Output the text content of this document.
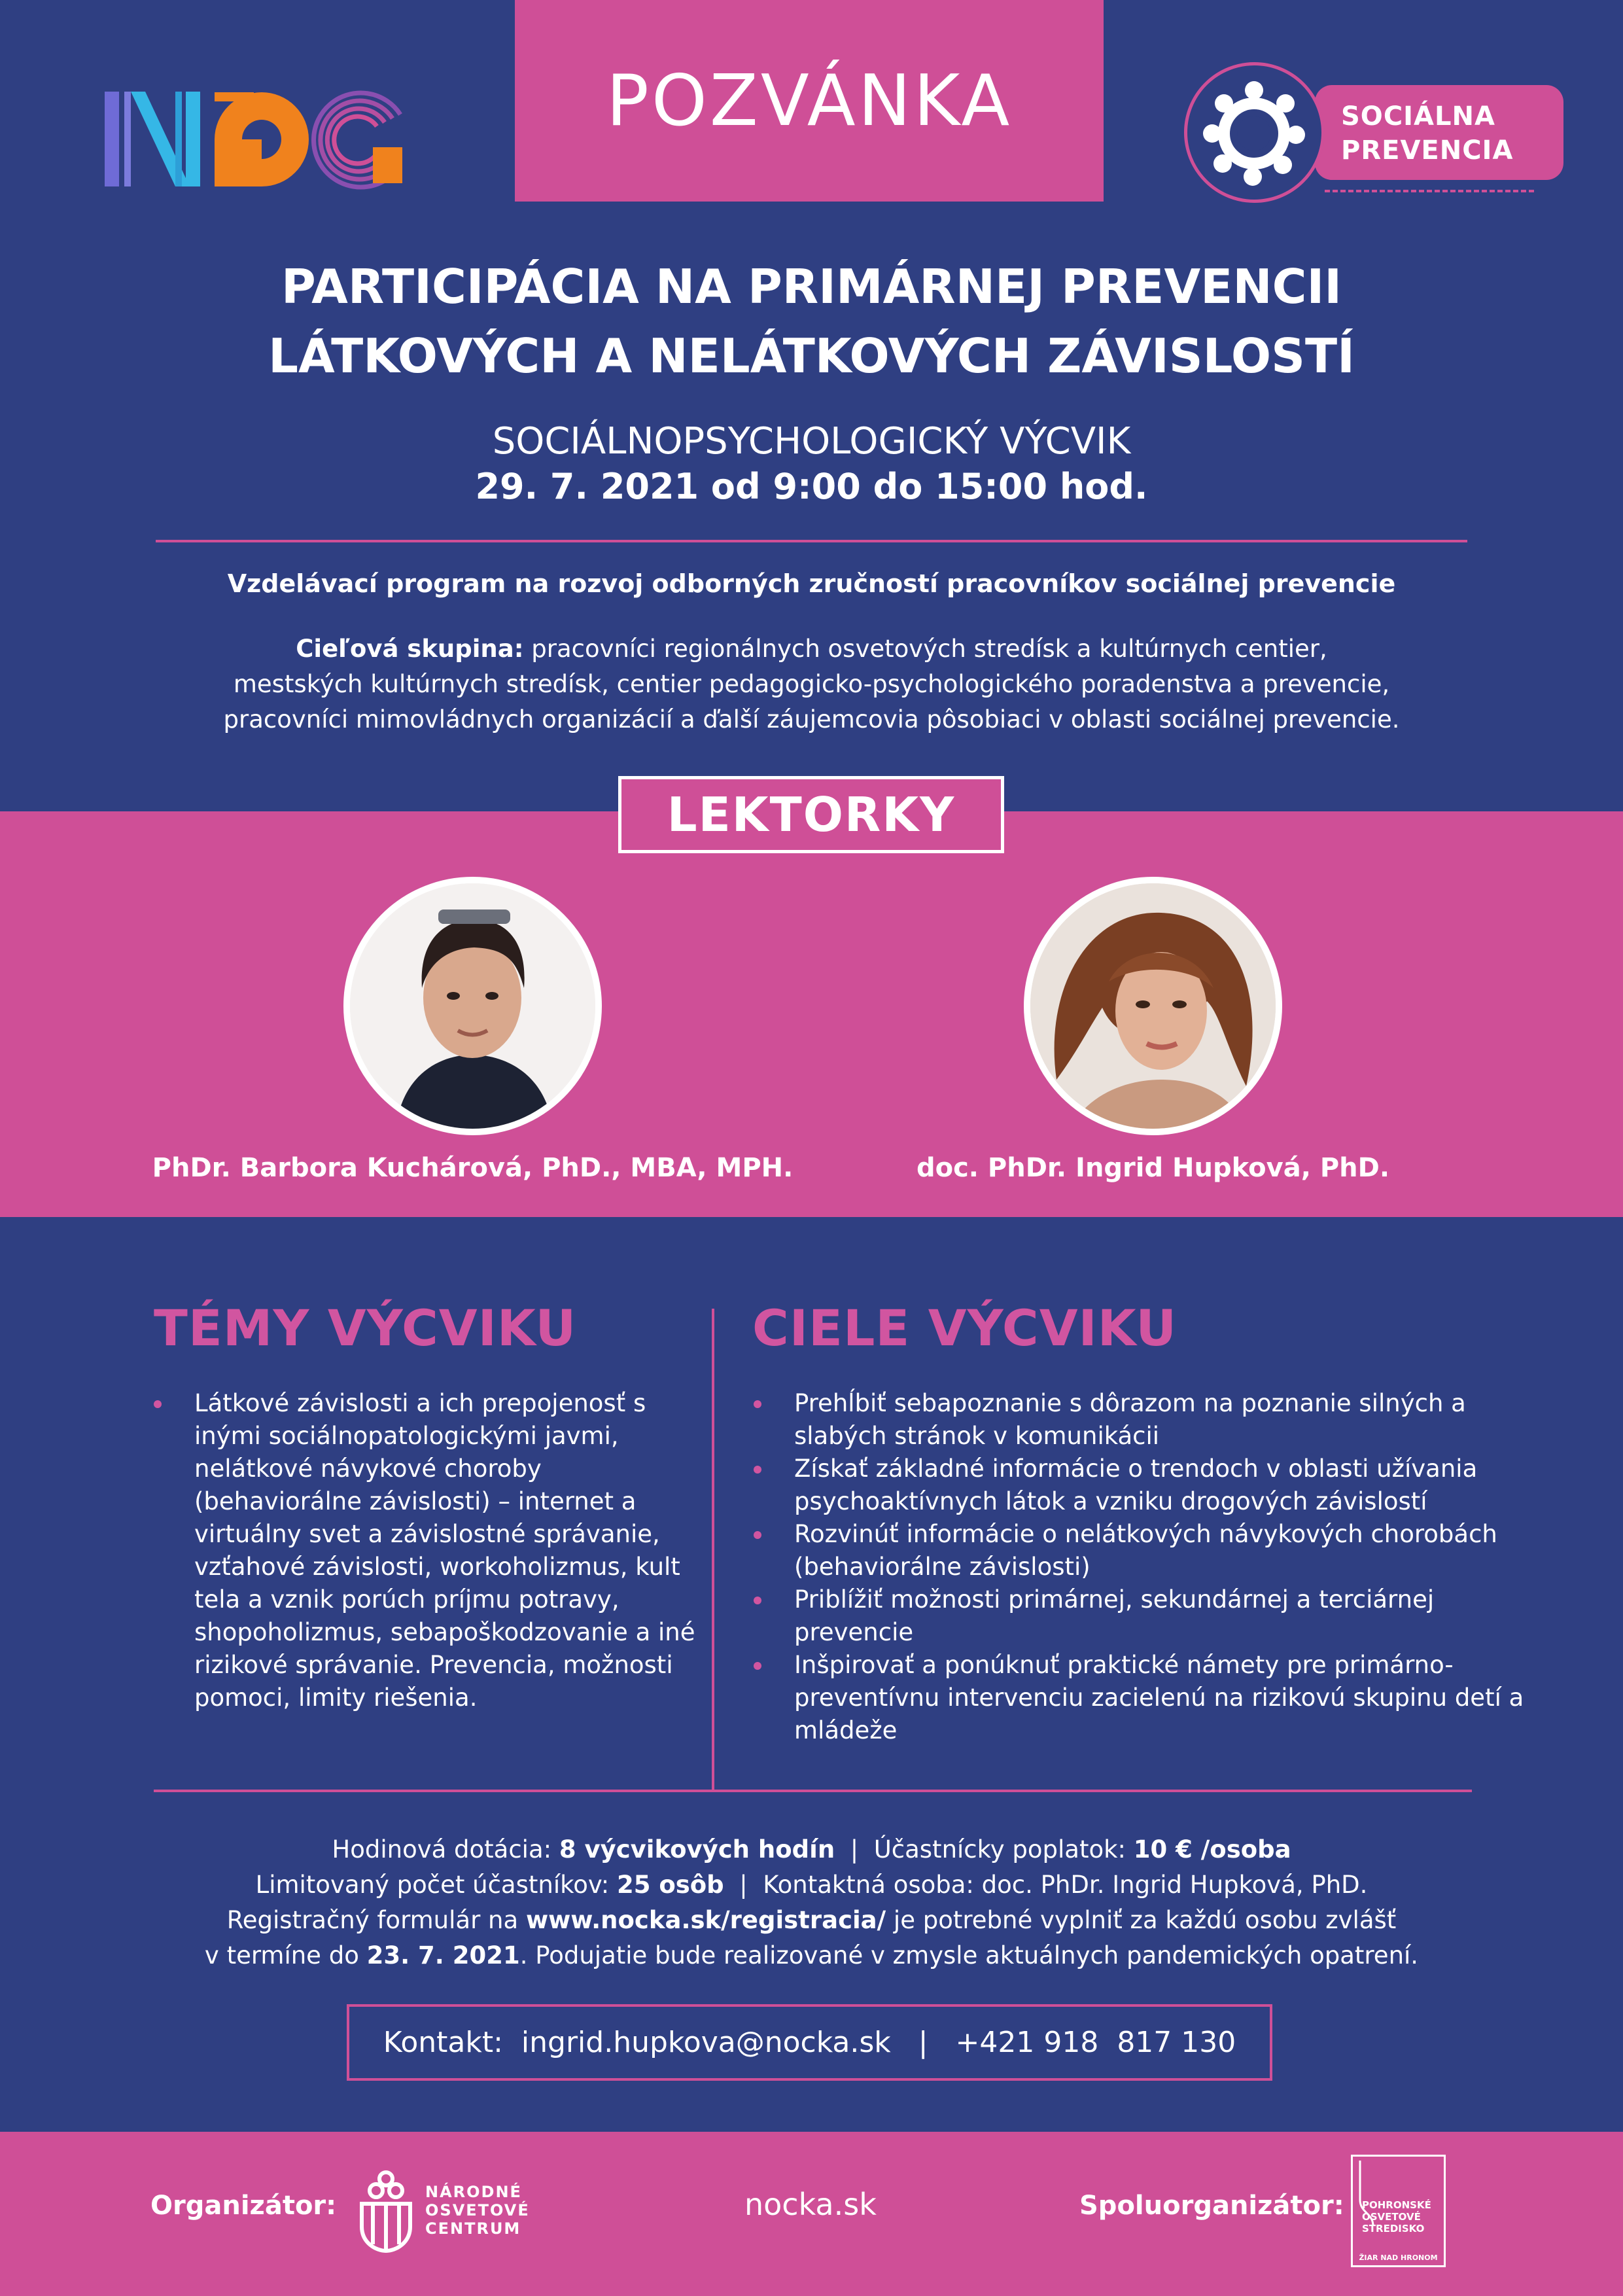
POZVÁNKA	SOCIÁLNA
PREVENCIA
PARTICIPÁCIA NA PRIMÁRNEJ PREVENCII
LÁTKOVÝCH A NELÁTKOVÝCH ZÁVISLOSTÍ
SOCIÁLNOPSYCHOLOGICKÝ VÝCVIK
29. 7. 2021 od 9:00 do 15:00 hod.
Vzdelávací program na rozvoj odborných zručností pracovníkov sociálnej prevencie
Cieľová skupina: pracovníci regionálnych osvetových stredísk a kultúrnych centier,
mestských kultúrnych stredísk, centier pedagogicko-psychologického poradenstva a prevencie,
pracovníci mimovládnych organizácií a ďalší záujemcovia pôsobiaci v oblasti sociálnej prevencie.
LEKTORKY
PhDr. Barbora Kuchárová, PhD., MBA, MPH.	doc. PhDr. Ingrid Hupková, PhD.
TÉMY VÝCVIKU	CIELE VÝCVIKU
Látkové závislosti a ich prepojenosť s inými sociálnopatologickými javmi, nelátkové návykové choroby (behaviorálne závislosti) – internet a virtuálny svet a závislostné správanie, vzťahové závislosti, workoholizmus, kult tela a vznik porúch príjmu potravy, shopoholizmus, sebapoškodzovanie a iné rizikové správanie. Prevencia, možnosti pomoci, limity riešenia.
Prehĺbiť sebapoznanie s dôrazom na poznanie silných a slabých stránok v komunikácii
Získať základné informácie o trendoch v oblasti užívania psychoaktívnych látok a vzniku drogových závislostí
Rozvinúť informácie o nelátkových návykových chorobách (behaviorálne závislosti)
Priblížiť možnosti primárnej, sekundárnej a terciárnej prevencie
Inšpirovať a ponúknuť praktické námety pre primárno-preventívnu intervenciu zacielenú na rizikovú skupinu detí a mládeže
Hodinová dotácia: 8 výcvikových hodín  |  Účastnícky poplatok: 10 € /osoba
Limitovaný počet účastníkov: 25 osôb  |  Kontaktná osoba: doc. PhDr. Ingrid Hupková, PhD.
Registračný formulár na www.nocka.sk/registracia/ je potrebné vyplniť za každú osobu zvlášť
v termíne do 23. 7. 2021. Podujatie bude realizované v zmysle aktuálnych pandemických opatrení.
Kontakt:  ingrid.hupkova@nocka.sk   |   +421 918  817 130
Organizátor:	NÁRODNÉ
OSVETOVÉ
CENTRUM
nocka.sk	Spoluorganizátor: POHRONSKÉ
OSVETOVÉ
STREDISKO
ŽIAR NAD HRONOM
